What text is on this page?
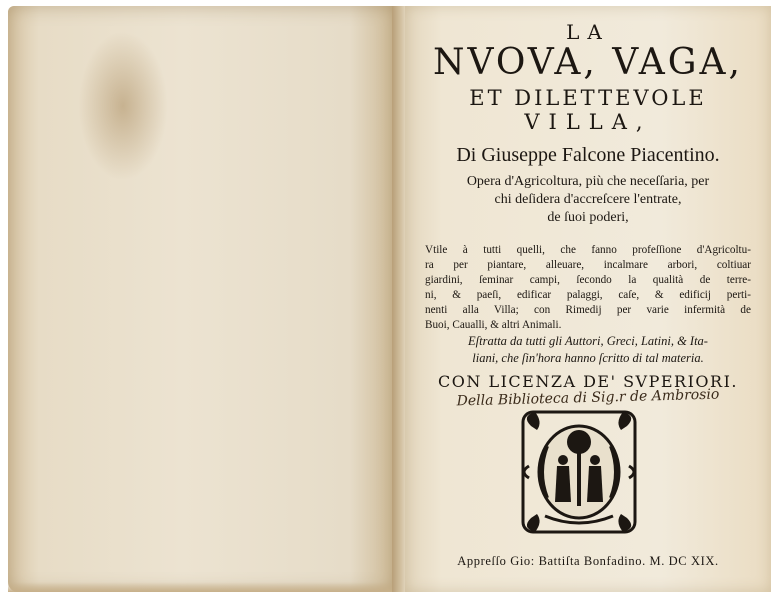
LA
NVOVA, VAGA,
ET DILETTEVOLE
VILLA,
Di Giuseppe Falcone Piacentino.
Opera d'Agricoltura, più che neceſſaria, per
chi deſidera d'accreſcere l'entrate,
de ſuoi poderi,
Vtile à tutti quelli, che fanno profeſſione d'Agricoltu-
ra per piantare, alleuare, incalmare arbori, coltiuar
giardini, ſeminar campi, ſecondo la qualità de terre-
ni, & paeſi, edificar palaggi, caſe, & edificij perti-
nenti alla Villa; con Rimedij per varie infermità de
Buoi, Caualli, & altri Animali.
Eſtratta da tutti gli Auttori, Greci, Latini, & Ita-
liani, che ſin'hora hanno ſcritto di tal materia.
CON LICENZA DE' SVPERIORI.
Della Biblioteca di Sig.r de Ambrosio
Appreſſo Gio: Battiſta Bonfadino. M. DC XIX.
